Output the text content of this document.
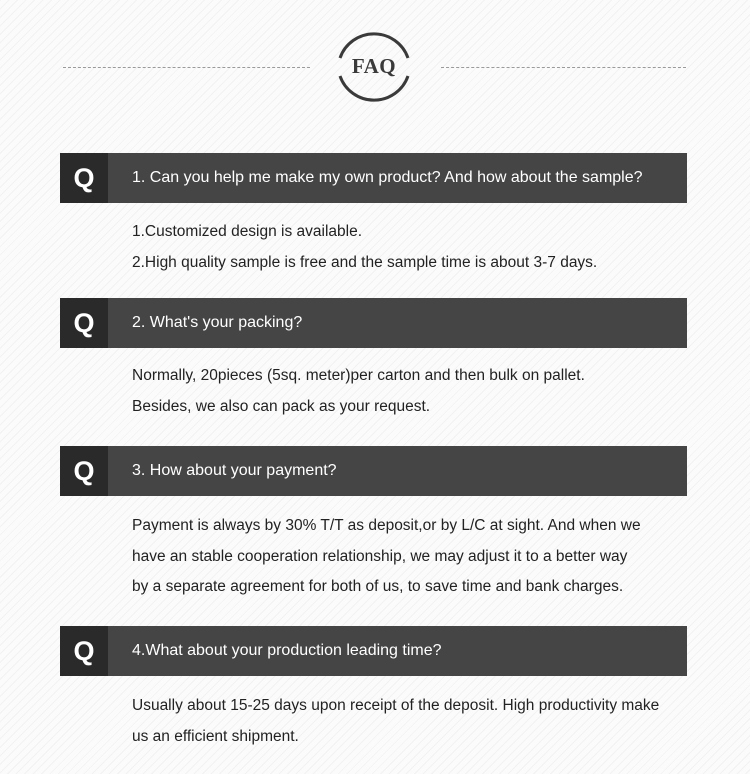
FAQ
Q	1. Can you help me make my own product? And how about the sample?
1.Customized design is available.
2.High quality sample is free and the sample time is about 3-7 days.
Q	2. What's your packing?
Normally, 20pieces (5sq. meter)per carton and then bulk on pallet.
Besides, we also can pack as your request.
Q	3. How about your payment?
Payment is always by 30% T/T as deposit,or by L/C at sight. And when we
have an stable cooperation relationship, we may adjust it to a better way
by a separate agreement for both of us, to save time and bank charges.
Q	4.What about your production leading time?
Usually about 15-25 days upon receipt of the deposit. High productivity make
us an efficient shipment.
